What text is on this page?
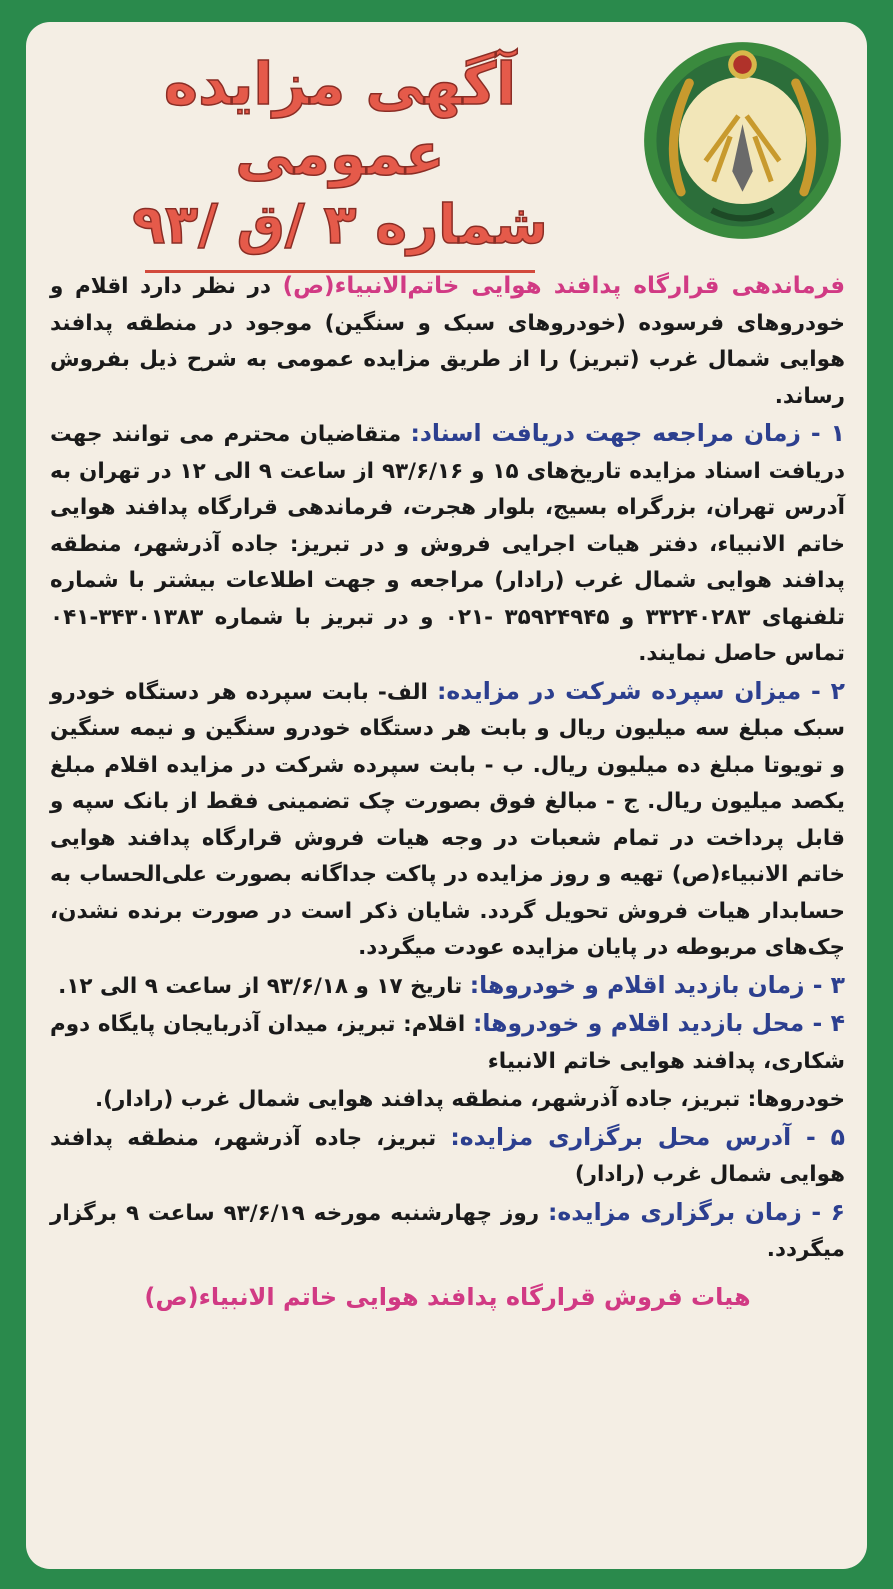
آگهی مزایده عمومی
شماره ۳ /ق /۹۳

فرماندهی قرارگاه پدافند هوایی خاتم‌الانبیاء(ص) در نظر دارد اقلام و خودروهای فرسوده (خودروهای سبک و سنگین) موجود در منطقه پدافند هوایی شمال غرب (تبریز) را از طریق مزایده عمومی به شرح ذیل بفروش رساند.

۱ - زمان مراجعه جهت دریافت اسناد: متقاضیان محترم می توانند جهت دریافت اسناد مزایده تاریخ‌های ۱۵ و ۹۳/۶/۱۶ از ساعت ۹ الی ۱۲ در تهران به آدرس تهران، بزرگراه بسیج، بلوار هجرت، فرماندهی قرارگاه پدافند هوایی خاتم الانبیاء، دفتر هیات اجرایی فروش و در تبریز: جاده آذرشهر، منطقه پدافند هوایی شمال غرب (رادار) مراجعه و جهت اطلاعات بیشتر با شماره تلفنهای ۳۳۲۴۰۲۸۳ و ۳۵۹۲۴۹۴۵ -۰۲۱ و در تبریز با شماره ۳۴۳۰۱۳۸۳-۰۴۱ تماس حاصل نمایند.

۲ - میزان سپرده شرکت در مزایده: الف- بابت سپرده هر دستگاه خودرو سبک مبلغ سه میلیون ریال و بابت هر دستگاه خودرو سنگین و نیمه سنگین و تویوتا مبلغ ده میلیون ریال. ب - بابت سپرده شرکت در مزایده اقلام مبلغ یکصد میلیون ریال. ج - مبالغ فوق بصورت چک تضمینی فقط از بانک سپه و قابل پرداخت در تمام شعبات در وجه هیات فروش قرارگاه پدافند هوایی خاتم الانبیاء(ص) تهیه و روز مزایده در پاکت جداگانه بصورت علی‌الحساب به حسابدار هیات فروش تحویل گردد. شایان ذکر است در صورت برنده نشدن، چک‌های مربوطه در پایان مزایده عودت میگردد.

۳ - زمان بازدید اقلام و خودروها: تاریخ ۱۷ و ۹۳/۶/۱۸ از ساعت ۹ الی ۱۲.

۴ - محل بازدید اقلام و خودروها: اقلام: تبریز، میدان آذربایجان پایگاه دوم شکاری، پدافند هوایی خاتم الانبیاء

خودروها: تبریز، جاده آذرشهر، منطقه پدافند هوایی شمال غرب (رادار).

۵ - آدرس محل برگزاری مزایده: تبریز، جاده آذرشهر، منطقه پدافند هوایی شمال غرب (رادار)

۶ - زمان برگزاری مزایده: روز چهارشنبه مورخه ۹۳/۶/۱۹ ساعت ۹ برگزار میگردد.

هیات فروش قرارگاه پدافند هوایی خاتم الانبیاء(ص)
